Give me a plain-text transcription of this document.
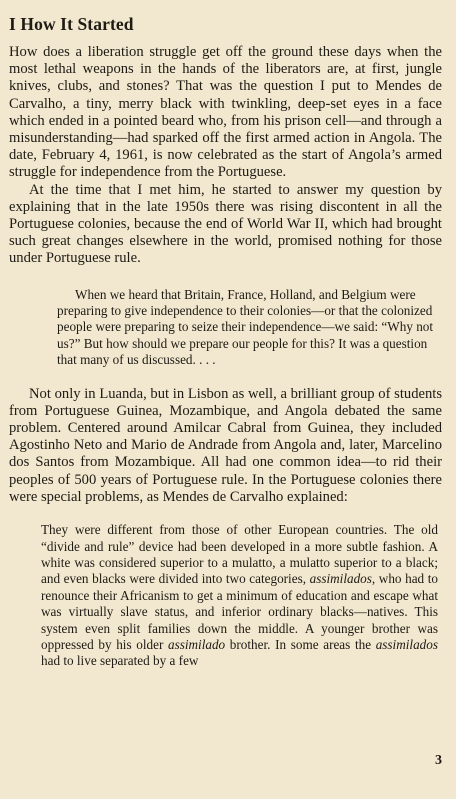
I How It Started

How does a liberation struggle get off the ground these days when the most lethal weapons in the hands of the liberators are, at first, jungle knives, clubs, and stones? That was the question I put to Mendes de Carvalho, a tiny, merry black with twinkling, deep-set eyes in a face which ended in a pointed beard who, from his prison cell—and through a misunderstanding—had sparked off the first armed action in Angola. The date, February 4, 1961, is now celebrated as the start of Angola’s armed struggle for independence from the Portuguese.

At the time that I met him, he started to answer my question by explaining that in the late 1950s there was rising discontent in all the Portuguese colonies, because the end of World War II, which had brought such great changes elsewhere in the world, promised nothing for those under Portuguese rule.

When we heard that Britain, France, Holland, and Belgium were preparing to give independence to their colonies—or that the colonized people were preparing to seize their independence—we said: “Why not us?” But how should we prepare our people for this? It was a question that many of us discussed. . . .

Not only in Luanda, but in Lisbon as well, a brilliant group of students from Portuguese Guinea, Mozambique, and Angola debated the same problem. Centered around Amilcar Cabral from Guinea, they included Agostinho Neto and Mario de Andrade from Angola and, later, Marcelino dos Santos from Mozambique. All had one common idea—to rid their peoples of 500 years of Portuguese rule. In the Portuguese colonies there were special problems, as Mendes de Carvalho explained:

They were different from those of other European countries. The old “divide and rule” device had been developed in a more subtle fashion. A white was considered superior to a mulatto, a mulatto superior to a black; and even blacks were divided into two categories, assimilados, who had to renounce their Africanism to get a minimum of education and escape what was virtually slave status, and inferior ordinary blacks—natives. This system even split families down the middle. A younger brother was oppressed by his older assimilado brother. In some areas the assimilados had to live separated by a few

3
